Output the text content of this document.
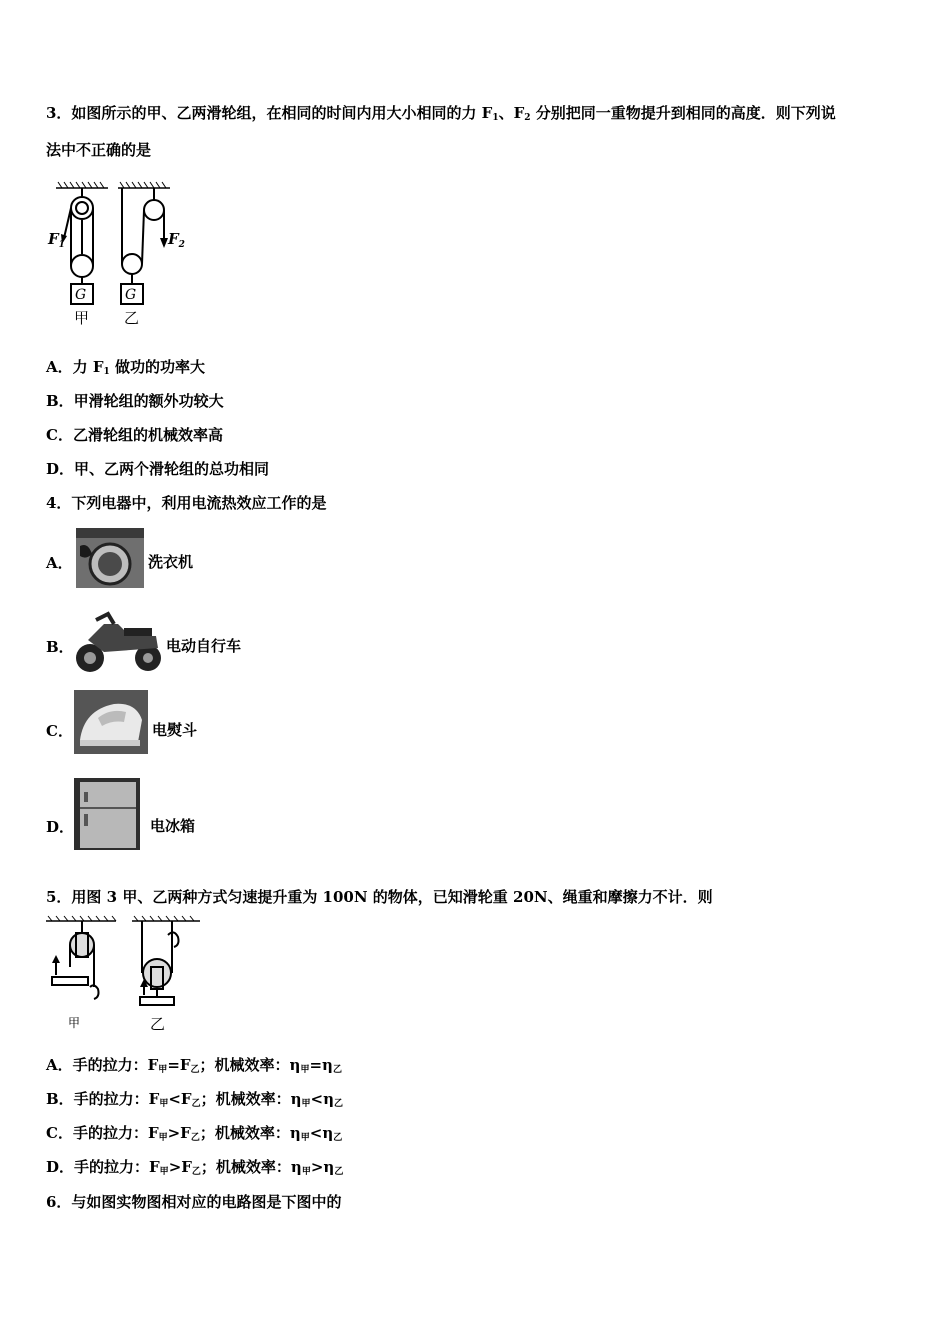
3．如图所示的甲、乙两滑轮组，在相同的时间内用大小相同的力 $F_1$、$F_2$ 分别把同一重物提升到相同的高度．则下列说
法中不正确的是
$F_1$	$F_2$
G	G
甲 乙
A．力 $F_1$ 做功的功率大
B．甲滑轮组的额外功较大
C．乙滑轮组的机械效率高
D．甲、乙两个滑轮组的总功相同
4．下列电器中，利用电流热效应工作的是
A．	洗衣机
B．	电动自行车
C．	电熨斗
D．	电冰箱
5．用图 3 甲、乙两种方式匀速提升重为 100N 的物体，已知滑轮重 20N、绳重和摩擦力不计．则
甲	乙
A．手的拉力：$F_甲=F_乙$；机械效率：$\eta_甲=\eta_乙$
B．手的拉力：$F_甲<F_乙$；机械效率：$\eta_甲<\eta_乙$
C．手的拉力：$F_甲>F_乙$；机械效率：$\eta_甲<\eta_乙$
D．手的拉力：$F_甲>F_乙$；机械效率：$\eta_甲>\eta_乙$
6．与如图实物图相对应的电路图是下图中的
